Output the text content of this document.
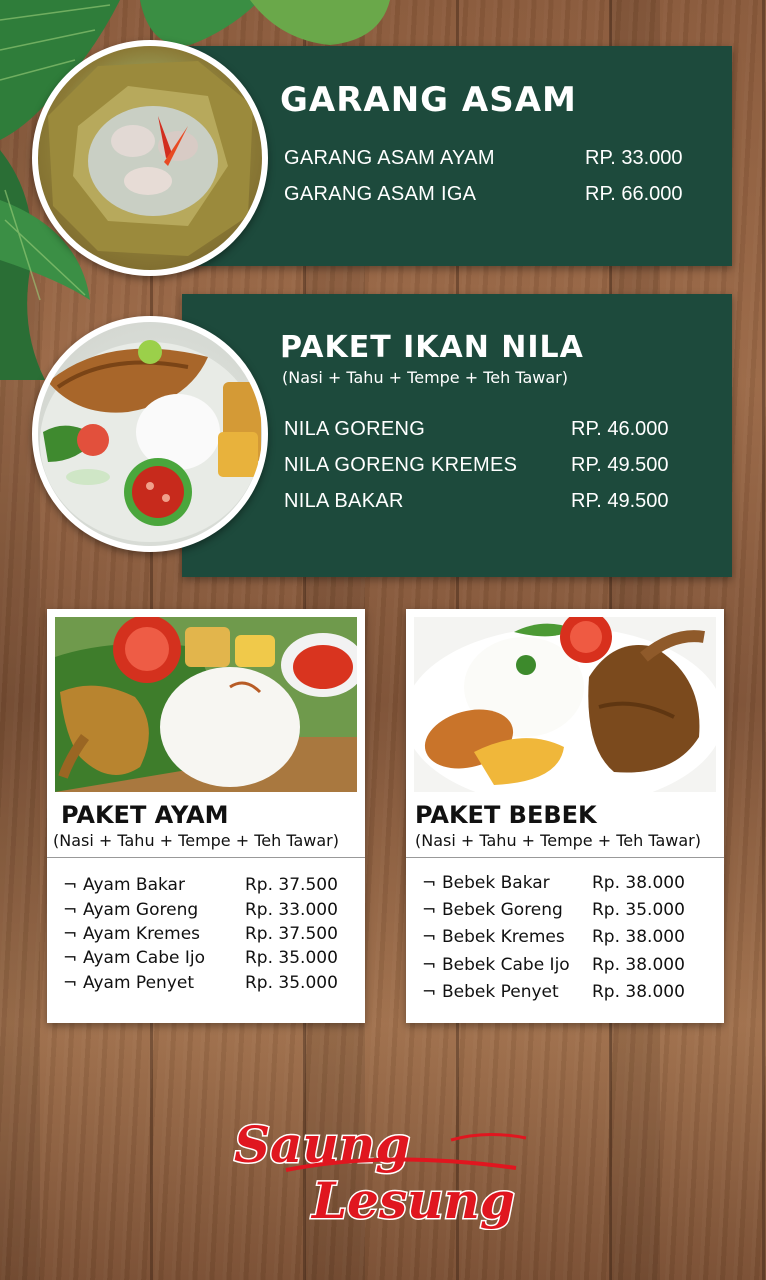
GARANG ASAM
GARANG ASAM AYAM	RP. 33.000
GARANG ASAM IGA	RP. 66.000
PAKET IKAN NILA
(Nasi + Tahu + Tempe + Teh Tawar)
NILA GORENG	RP. 46.000
NILA GORENG KREMES	RP. 49.500
NILA BAKAR	RP. 49.500
PAKET AYAM
(Nasi + Tahu + Tempe + Teh Tawar)
¬ Ayam Bakar	Rp. 37.500
¬ Ayam Goreng	Rp. 33.000
¬ Ayam Kremes	Rp. 37.500
¬ Ayam Cabe Ijo Rp. 35.000
¬ Ayam Penyet	Rp. 35.000
PAKET BEBEK
(Nasi + Tahu + Tempe + Teh Tawar)
¬ Bebek Bakar Rp. 38.000
¬ Bebek Goreng Rp. 35.000
¬ Bebek Kremes Rp. 38.000
¬ Bebek Cabe Ijo Rp. 38.000
¬ Bebek Penyet Rp. 38.000
Saung
Lesung
